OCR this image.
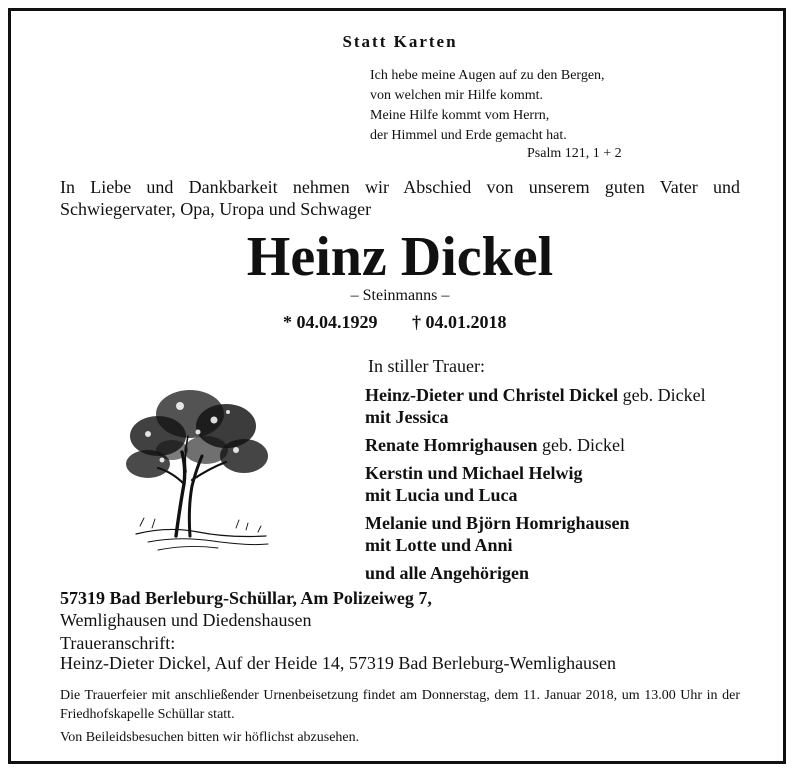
Statt Karten
Ich hebe meine Augen auf zu den Bergen,
von welchen mir Hilfe kommt.
Meine Hilfe kommt vom Herrn,
der Himmel und Erde gemacht hat.
Psalm 121, 1 + 2
In Liebe und Dankbarkeit nehmen wir Abschied von unserem guten Vater und Schwiegervater, Opa, Uropa und Schwager
Heinz Dickel
– Steinmanns –
* 04.04.1929 † 04.01.2018
In stiller Trauer:
Heinz-Dieter und Christel Dickel geb. Dickel
mit Jessica
Renate Homrighausen geb. Dickel
Kerstin und Michael Helwig
mit Lucia und Luca
Melanie und Björn Homrighausen
mit Lotte und Anni
und alle Angehörigen
57319 Bad Berleburg-Schüllar, Am Polizeiweg 7,
Wemlighausen und Diedenshausen
Traueranschrift:
Heinz-Dieter Dickel, Auf der Heide 14, 57319 Bad Berleburg-Wemlighausen
Die Trauerfeier mit anschließender Urnenbeisetzung findet am Donnerstag, dem 11. Januar 2018, um 13.00 Uhr in der Friedhofskapelle Schüllar statt.
Von Beileidsbesuchen bitten wir höflichst abzusehen.
